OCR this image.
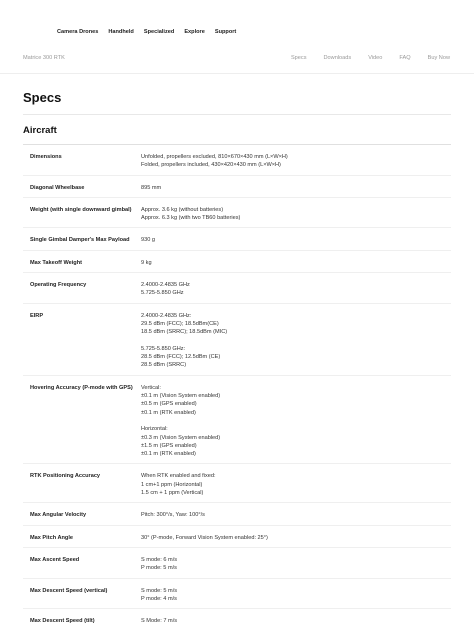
Camera Drones Handheld Specialized Explore Support
Matrice 300 RTK	Specs	Downloads	Video	FAQ	Buy Now
Specs
Aircraft
Dimensions	Unfolded, propellers excluded, 810×670×430 mm (L×W×H)
Folded, propellers included, 430×420×430 mm (L×W×H)
Diagonal Wheelbase	895 mm
Weight (with single downward gimbal)	Approx. 3.6 kg (without batteries)
Approx. 6.3 kg (with two TB60 batteries)
Single Gimbal Damper's Max Payload	930 g
Max Takeoff Weight	9 kg
Operating Frequency	2.4000-2.4835 GHz
5.725-5.850 GHz
EIRP	2.4000-2.4835 GHz:
29.5 dBm (FCC); 18.5dBm(CE)
18.5 dBm (SRRC); 18.5dBm (MIC)

5.725-5.850 GHz:
28.5 dBm (FCC); 12.5dBm (CE)
28.5 dBm (SRRC)
Hovering Accuracy (P-mode with GPS)	Vertical:
±0.1 m (Vision System enabled)
±0.5 m (GPS enabled)
±0.1 m (RTK enabled)

Horizontal:
±0.3 m (Vision System enabled)
±1.5 m (GPS enabled)
±0.1 m (RTK enabled)
RTK Positioning Accuracy	When RTK enabled and fixed:
1 cm+1 ppm (Horizontal)
1.5 cm + 1 ppm (Vertical)
Max Angular Velocity	Pitch: 300°/s, Yaw: 100°/s
Max Pitch Angle	30° (P-mode, Forward Vision System enabled: 25°)
Max Ascent Speed	S mode: 6 m/s
P mode: 5 m/s
Max Descent Speed (vertical)	S mode: 5 m/s
P mode: 4 m/s
Max Descent Speed (tilt)	S Mode: 7 m/s
